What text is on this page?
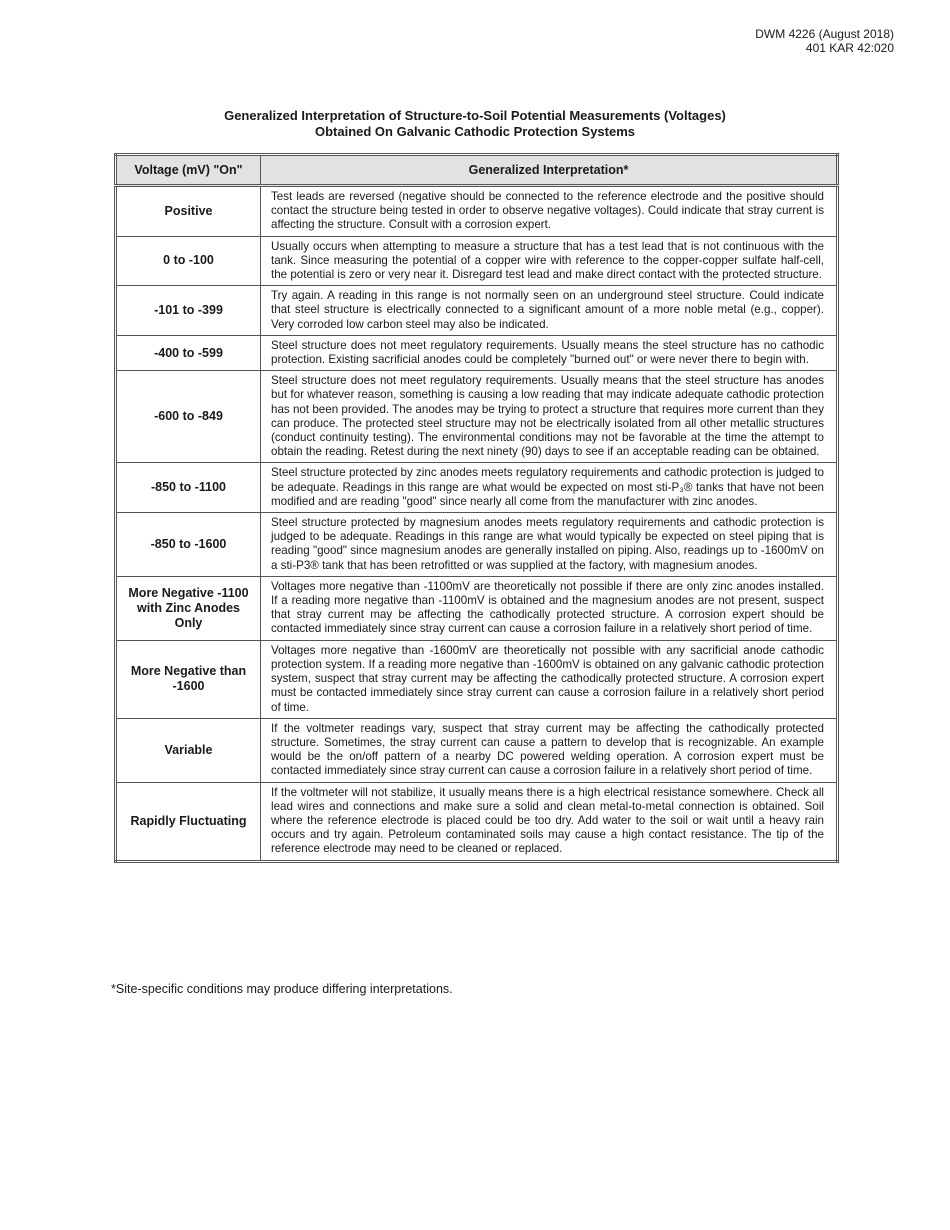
DWM 4226 (August 2018)
401 KAR 42:020
Generalized Interpretation of Structure-to-Soil Potential Measurements (Voltages)
Obtained On Galvanic Cathodic Protection Systems
Voltage (mV) "On"	Generalized Interpretation*
Positive	Test leads are reversed (negative should be connected to the reference electrode and the positive should contact the structure being tested in order to observe negative voltages). Could indicate that stray current is affecting the structure. Consult with a corrosion expert.
0 to -100	Usually occurs when attempting to measure a structure that has a test lead that is not continuous with the tank. Since measuring the potential of a copper wire with reference to the copper-copper sulfate half-cell, the potential is zero or very near it. Disregard test lead and make direct contact with the protected structure.
-101 to -399	Try again. A reading in this range is not normally seen on an underground steel structure. Could indicate that steel structure is electrically connected to a significant amount of a more noble metal (e.g., copper). Very corroded low carbon steel may also be indicated.
-400 to -599	Steel structure does not meet regulatory requirements. Usually means the steel structure has no cathodic protection. Existing sacrificial anodes could be completely "burned out" or were never there to begin with.
-600 to -849	Steel structure does not meet regulatory requirements. Usually means that the steel structure has anodes but for whatever reason, something is causing a low reading that may indicate adequate cathodic protection has not been provided. The anodes may be trying to protect a structure that requires more current than they can produce. The protected steel structure may not be electrically isolated from all other metallic structures (conduct continuity testing). The environmental conditions may not be favorable at the time the attempt to obtain the reading. Retest during the next ninety (90) days to see if an acceptable reading can be obtained.
-850 to -1100	Steel structure protected by zinc anodes meets regulatory requirements and cathodic protection is judged to be adequate. Readings in this range are what would be expected on most sti-P₃® tanks that have not been modified and are reading "good" since nearly all come from the manufacturer with zinc anodes.
-850 to -1600	Steel structure protected by magnesium anodes meets regulatory requirements and cathodic protection is judged to be adequate. Readings in this range are what would typically be expected on steel piping that is reading "good" since magnesium anodes are generally installed on piping. Also, readings up to -1600mV on a sti-P3® tank that has been retrofitted or was supplied at the factory, with magnesium anodes.
More Negative -1100 with Zinc Anodes Only	Voltages more negative than -1100mV are theoretically not possible if there are only zinc anodes installed. If a reading more negative than -1100mV is obtained and the magnesium anodes are not present, suspect that stray current may be affecting the cathodically protected structure. A corrosion expert should be contacted immediately since stray current can cause a corrosion failure in a relatively short period of time.
More Negative than -1600	Voltages more negative than -1600mV are theoretically not possible with any sacrificial anode cathodic protection system. If a reading more negative than -1600mV is obtained on any galvanic cathodic protection system, suspect that stray current may be affecting the cathodically protected structure. A corrosion expert must be contacted immediately since stray current can cause a corrosion failure in a relatively short period of time.
Variable	If the voltmeter readings vary, suspect that stray current may be affecting the cathodically protected structure. Sometimes, the stray current can cause a pattern to develop that is recognizable. An example would be the on/off pattern of a nearby DC powered welding operation. A corrosion expert must be contacted immediately since stray current can cause a corrosion failure in a relatively short period of time.
Rapidly Fluctuating	If the voltmeter will not stabilize, it usually means there is a high electrical resistance somewhere. Check all lead wires and connections and make sure a solid and clean metal-to-metal connection is obtained. Soil where the reference electrode is placed could be too dry. Add water to the soil or wait until a heavy rain occurs and try again. Petroleum contaminated soils may cause a high contact resistance. The tip of the reference electrode may need to be cleaned or replaced.
*Site-specific conditions may produce differing interpretations.
